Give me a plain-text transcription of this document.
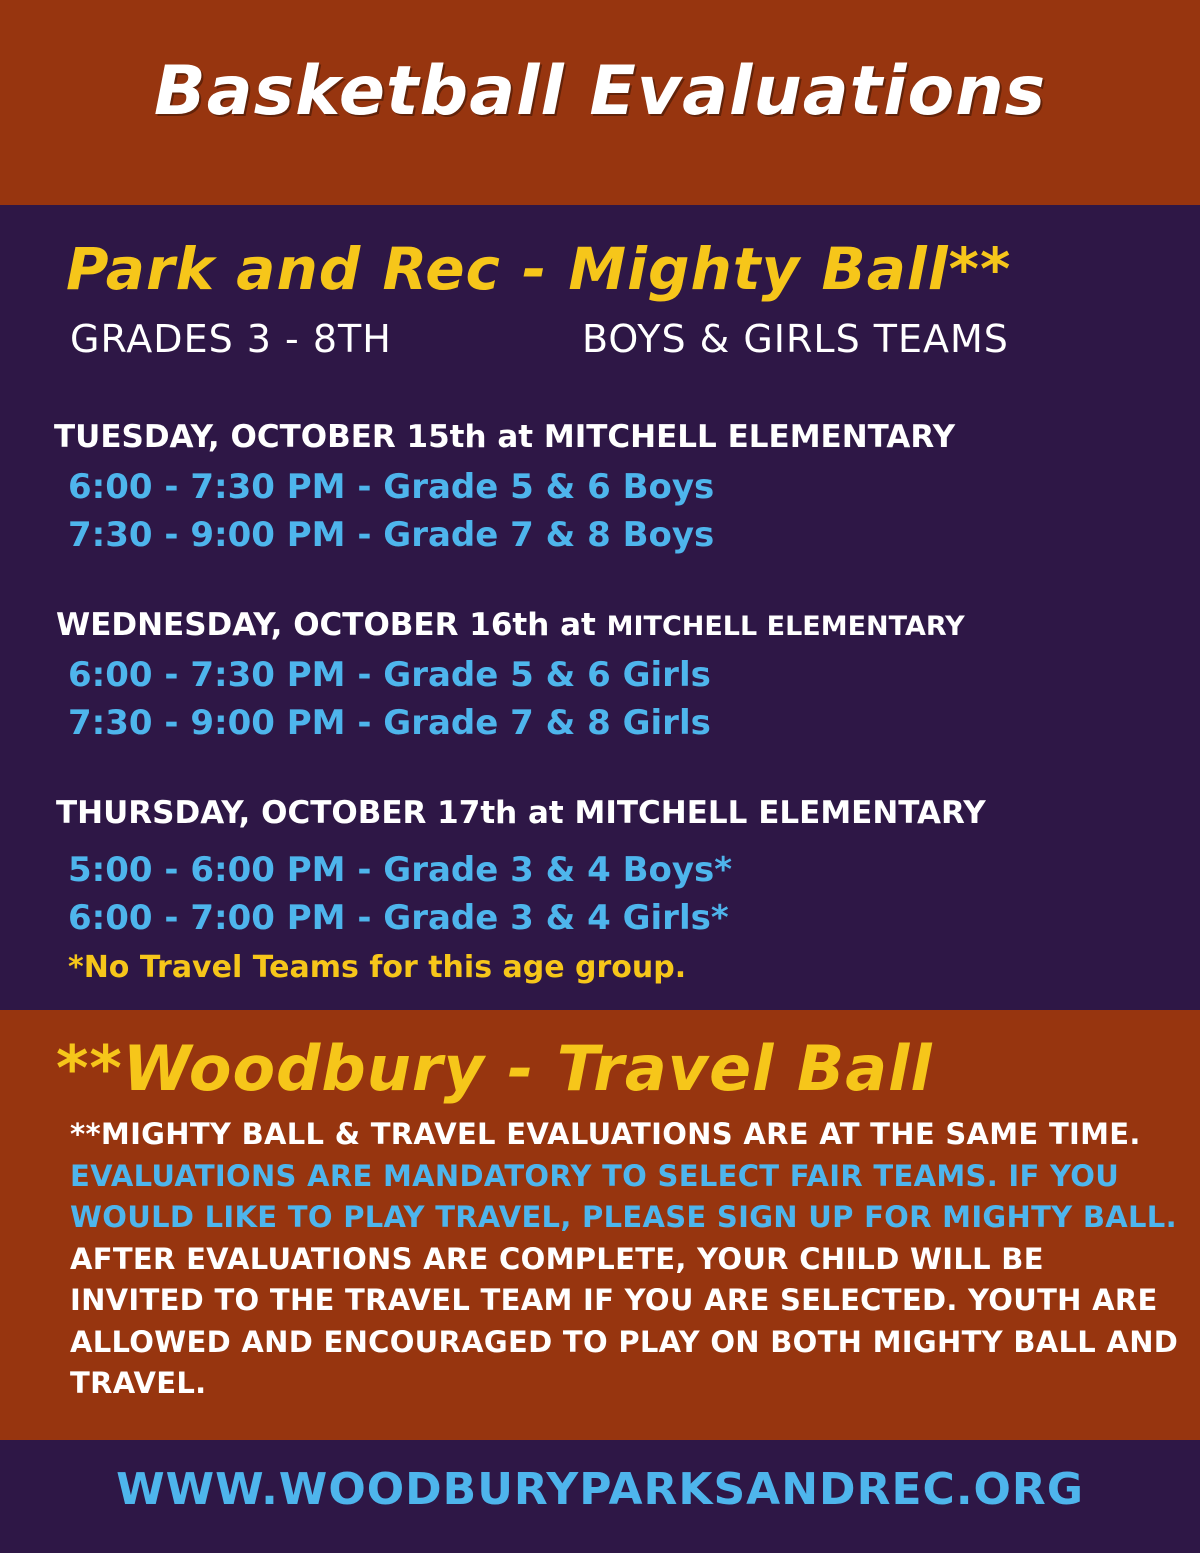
Basketball Evaluations
Park and Rec - Mighty Ball**
GRADES 3 - 8TH	BOYS & GIRLS TEAMS
TUESDAY, OCTOBER 15th at MITCHELL ELEMENTARY
6:00 - 7:30 PM - Grade 5 & 6 Boys
7:30 - 9:00 PM - Grade 7 & 8 Boys
WEDNESDAY, OCTOBER 16th at MITCHELL ELEMENTARY
6:00 - 7:30 PM - Grade 5 & 6 Girls
7:30 - 9:00 PM - Grade 7 & 8 Girls
THURSDAY, OCTOBER 17th at MITCHELL ELEMENTARY
5:00 - 6:00 PM - Grade 3 & 4 Boys*
6:00 - 7:00 PM - Grade 3 & 4 Girls*
*No Travel Teams for this age group.
**Woodbury - Travel Ball
**MIGHTY BALL & TRAVEL EVALUATIONS ARE AT THE SAME TIME. EVALUATIONS ARE MANDATORY TO SELECT FAIR TEAMS. IF YOU WOULD LIKE TO PLAY TRAVEL, PLEASE SIGN UP FOR MIGHTY BALL. AFTER EVALUATIONS ARE COMPLETE, YOUR CHILD WILL BE INVITED TO THE TRAVEL TEAM IF YOU ARE SELECTED. YOUTH ARE ALLOWED AND ENCOURAGED TO PLAY ON BOTH MIGHTY BALL AND TRAVEL.
WWW.WOODBURYPARKSANDREC.ORG
